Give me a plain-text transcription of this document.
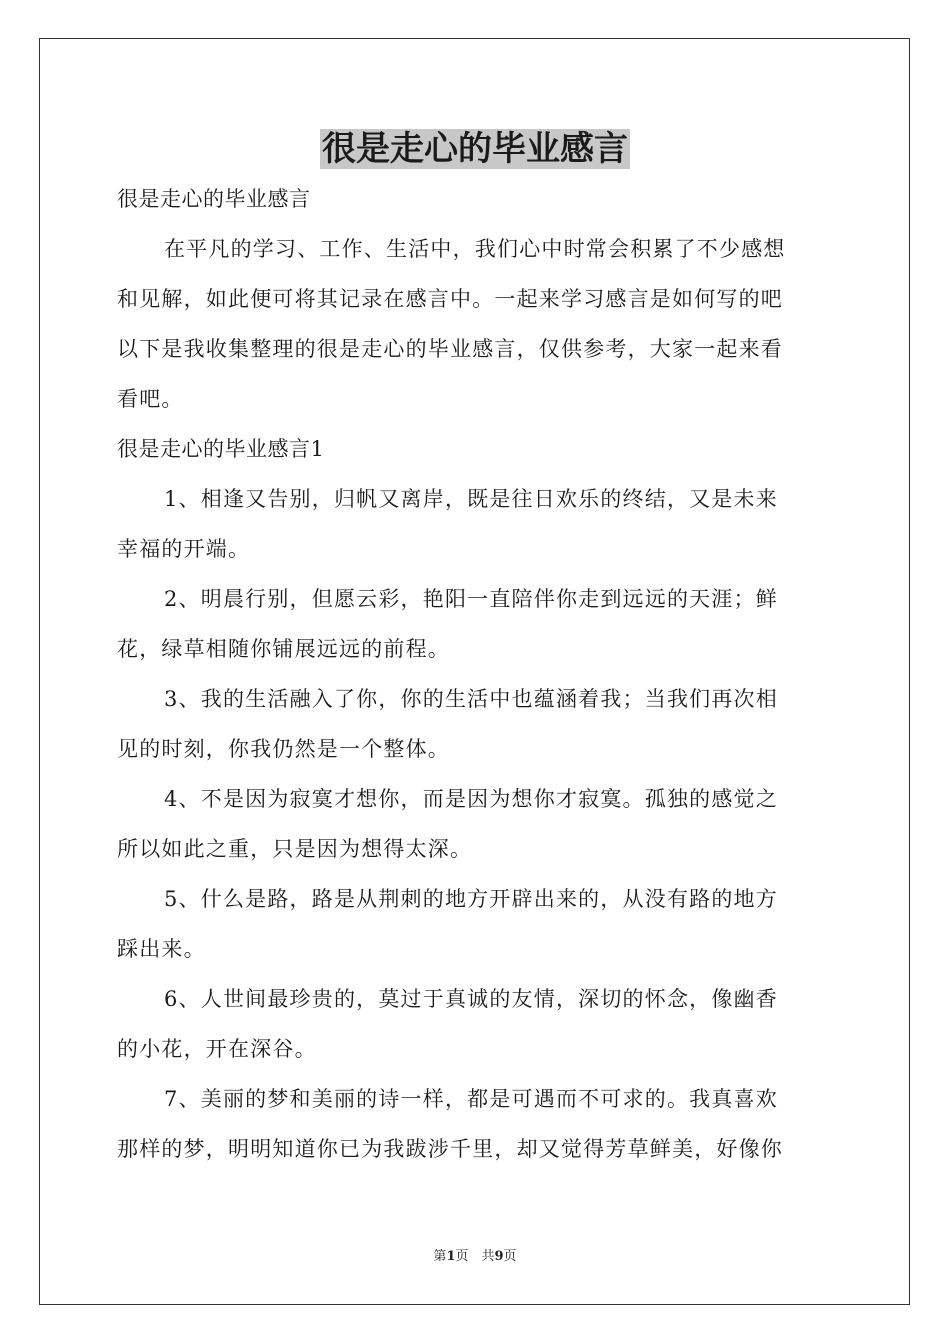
很是走心的毕业感言
很是走心的毕业感言
在平凡的学习、工作、生活中，我们心中时常会积累了不少感想
和见解，如此便可将其记录在感言中。一起来学习感言是如何写的吧
以下是我收集整理的很是走心的毕业感言，仅供参考，大家一起来看
看吧。
很是走心的毕业感言1
1、相逢又告别，归帆又离岸，既是往日欢乐的终结，又是未来
幸福的开端。
2、明晨行别，但愿云彩，艳阳一直陪伴你走到远远的天涯；鲜
花，绿草相随你铺展远远的前程。
3、我的生活融入了你，你的生活中也蕴涵着我；当我们再次相
见的时刻，你我仍然是一个整体。
4、不是因为寂寞才想你，而是因为想你才寂寞。孤独的感觉之
所以如此之重，只是因为想得太深。
5、什么是路，路是从荆刺的地方开辟出来的，从没有路的地方
踩出来。
6、人世间最珍贵的，莫过于真诚的友情，深切的怀念，像幽香
的小花，开在深谷。
7、美丽的梦和美丽的诗一样，都是可遇而不可求的。我真喜欢
那样的梦，明明知道你已为我跋涉千里，却又觉得芳草鲜美，好像你
第1页　共9页
